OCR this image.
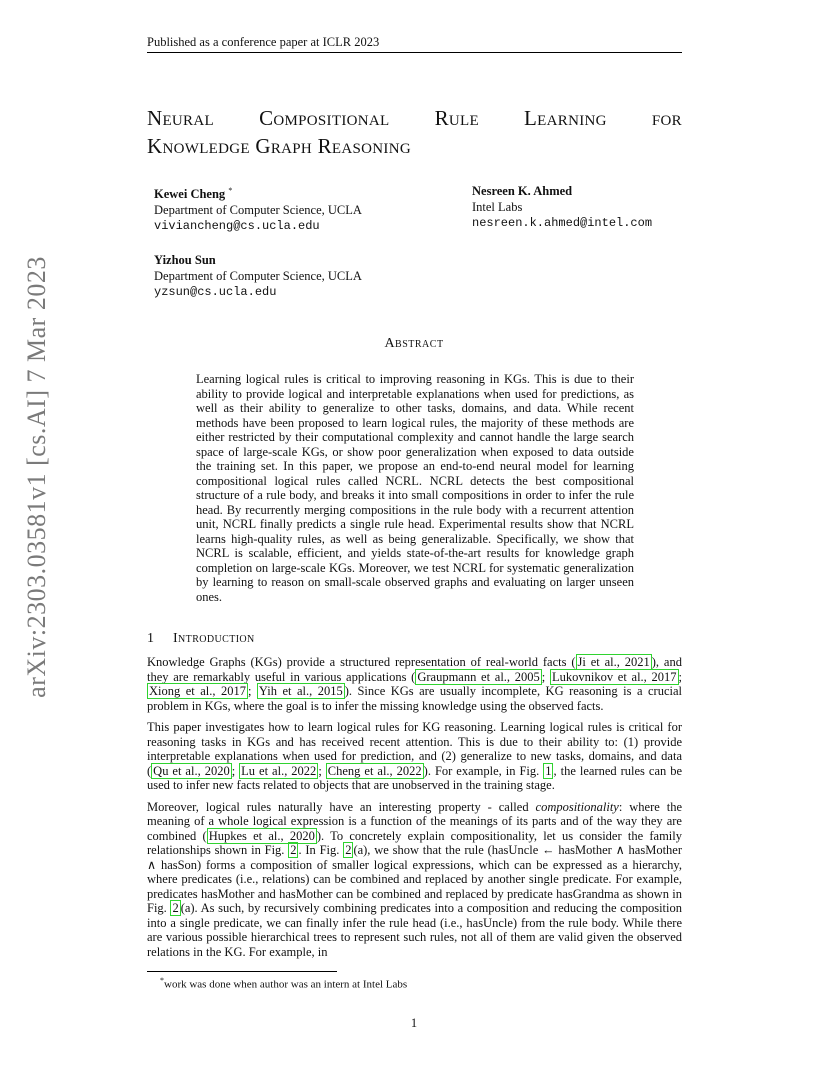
Published as a conference paper at ICLR 2023
arXiv:2303.03581v1 [cs.AI] 7 Mar 2023
Neural Compositional Rule Learning for
Knowledge Graph Reasoning
Kewei Cheng *
Department of Computer Science, UCLA
viviancheng@cs.ucla.edu
Nesreen K. Ahmed
Intel Labs
nesreen.k.ahmed@intel.com
Yizhou Sun
Department of Computer Science, UCLA
yzsun@cs.ucla.edu
Abstract
Learning logical rules is critical to improving reasoning in KGs. This is due to their ability to provide logical and interpretable explanations when used for predictions, as well as their ability to generalize to other tasks, domains, and data. While recent methods have been proposed to learn logical rules, the majority of these methods are either restricted by their computational complexity and cannot handle the large search space of large-scale KGs, or show poor generalization when exposed to data outside the training set. In this paper, we propose an end-to-end neural model for learning compositional logical rules called NCRL. NCRL detects the best compositional structure of a rule body, and breaks it into small compositions in order to infer the rule head. By recurrently merging compositions in the rule body with a recurrent attention unit, NCRL finally predicts a single rule head. Experimental results show that NCRL learns high-quality rules, as well as being generalizable. Specifically, we show that NCRL is scalable, efficient, and yields state-of-the-art results for knowledge graph completion on large-scale KGs. Moreover, we test NCRL for systematic generalization by learning to reason on small-scale observed graphs and evaluating on larger unseen ones.
1 Introduction

Knowledge Graphs (KGs) provide a structured representation of real-world facts ( Ji et al., 2021 ), and they are remarkably useful in various applications ( Graupmann et al., 2005 ; Lukovnikov et al., 2017 ; Xiong et al., 2017 ; Yih et al., 2015 ). Since KGs are usually incomplete, KG reasoning is a crucial problem in KGs, where the goal is to infer the missing knowledge using the observed facts.

This paper investigates how to learn logical rules for KG reasoning. Learning logical rules is critical for reasoning tasks in KGs and has received recent attention. This is due to their ability to: (1) provide interpretable explanations when used for prediction, and (2) generalize to new tasks, domains, and data ( Qu et al., 2020 ; Lu et al., 2022 ; Cheng et al., 2022 ). For example, in Fig. 1 , the learned rules can be used to infer new facts related to objects that are unobserved in the training stage.

Moreover, logical rules naturally have an interesting property - called compositionality: where the meaning of a whole logical expression is a function of the meanings of its parts and of the way they are combined ( Hupkes et al., 2020 ). To concretely explain compositionality, let us consider the family relationships shown in Fig. 2 . In Fig. 2 (a), we show that the rule (hasUncle ← hasMother ∧ hasMother ∧ hasSon) forms a composition of smaller logical expressions, which can be expressed as a hierarchy, where predicates (i.e., relations) can be combined and replaced by another single predicate. For example, predicates hasMother and hasMother can be combined and replaced by predicate hasGrandma as shown in Fig. 2 (a). As such, by recursively combining predicates into a composition and reducing the composition into a single predicate, we can finally infer the rule head (i.e., hasUncle) from the rule body. While there are various possible hierarchical trees to represent such rules, not all of them are valid given the observed relations in the KG. For example, in

*work was done when author was an intern at Intel Labs
1
